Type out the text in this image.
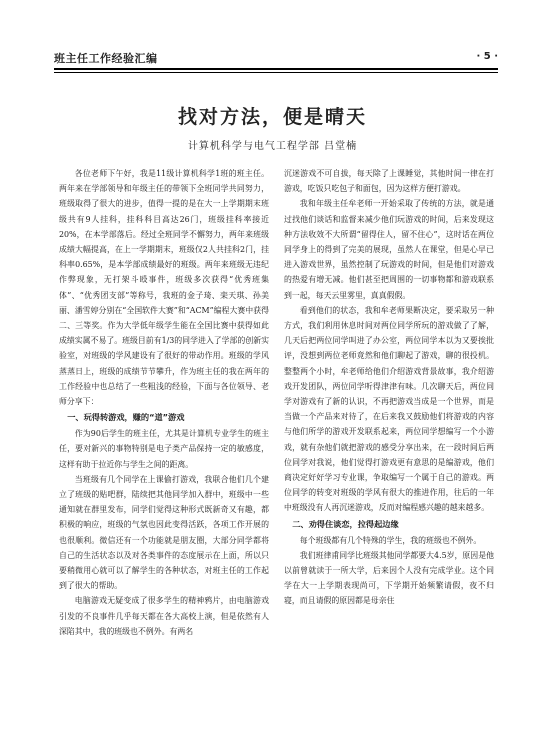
班主任工作经验汇编	· 5 ·
找对方法，便是晴天
计算机科学与电气工程学部 吕堂楠

各位老师下午好，我是11级计算机科学1班的班主任。两年来在学部领导和年级主任的带领下全班同学共同努力，班级取得了很大的进步，值得一提的是在大一上学期期末班级共有9人挂科，挂科科目高达26门，班级挂科率接近20%，在本学部落后。经过全班同学不懈努力，两年来班级成绩大幅提高，在上一学期期末，班级仅2人共挂科2门，挂科率0.65%，是本学部成绩最好的班级。两年来班级无违纪作弊现象，无打架斗殴事件，班级多次获得“优秀班集体”、“优秀团支部”等称号，我班的金子琦、栾天琪、孙美丽、潘雪婷分别在“全国软件大赛”和“ACM”编程大赛中获得二、三等奖。作为大学低年级学生能在全国比赛中获得如此成绩实属不易了。班级目前有1/3的同学进入了学部的创新实验室，对班级的学风建设有了很好的带动作用。班级的学风蒸蒸日上，班级的成绩节节攀升，作为班主任的我在两年的工作经验中也总结了一些粗浅的经验，下面与各位领导、老师分享下：

一、玩得转游戏，赚的“道”游戏

作为90后学生的班主任，尤其是计算机专业学生的班主任，要对新兴的事物特别是电子类产品保持一定的敏感度，这样有助于拉近你与学生之间的距离。

当班级有几个同学在上课偷打游戏，我联合他们几个建立了班级的贴吧群，陆续把其他同学加入群中，班级中一些通知就在群里发布，同学们觉得这种形式既新奇又有趣，都积极的响应，班级的气氛也因此变得活跃，各项工作开展的也很顺利。微信还有一个功能就是朋友圈，大部分同学都将自己的生活状态以及对各类事件的态度展示在上面，所以只要稍微用心就可以了解学生的各种状态，对班主任的工作起到了很大的帮助。

电脑游戏无疑变成了很多学生的精神鸦片，由电脑游戏引发的不良事件几乎每天都在各大高校上演，但是依然有人深陷其中，我的班级也不例外。有两名

沉迷游戏不可自拔，每天除了上课睡觉，其他时间一律在打游戏，吃饭只吃包子和面包，因为这样方便打游戏。

我和年级主任牟老师一开始采取了传统的方法，就是通过找他们谈话和监督来减少他们玩游戏的时间，后来发现这种方法收效不大所谓“留得住人，留不住心”，这时话在两位同学身上的得到了完美的展现，虽然人在课堂，但是心早已进入游戏世界，虽然控制了玩游戏的时间，但是他们对游戏的热爱有增无减。他们甚至把周围的一切事物都和游戏联系到一起，每天云里雾里，真真假假。

看到他们的状态，我和牟老师果断决定，要采取另一种方式，我们利用休息时间对两位同学所玩的游戏做了了解，几天后把两位同学叫进了办公室，两位同学本以为又要挨批评，没想到两位老师竟然和他们聊起了游戏，聊的很投机。整整两个小时，牟老师给他们介绍游戏背景故事，我介绍游戏开发团队，两位同学听得津津有味。几次聊天后，两位同学对游戏有了新的认识，不再把游戏当成是一个世界，而是当做一个产品来对待了，在后来我又鼓励他们将游戏的内容与他们所学的游戏开发联系起来，两位同学想编写一个小游戏，就有杂他们就把游戏的感受分享出来，在一段时间后两位同学对我说，他们觉得打游戏更有意思的是编游戏，他们商决定好好学习专业课，争取编写一个属于自己的游戏。两位同学的转变对班级的学风有很大的推进作用，往后的一年中班级没有人再沉迷游戏，反而对编程感兴趣的越来越多。

二、劝得住谈恋，拉得起边缘

每个班级都有几个特殊的学生，我的班级也不例外。

我们班律甫同学比班级其他同学都要大4.5岁，原因是他以前曾就读于一所大学，后来因个人没有完成学业。这个同学在大一上学期表现尚可，下学期开始频繁请假，夜不归寝，而且请假的原因都是母亲住
